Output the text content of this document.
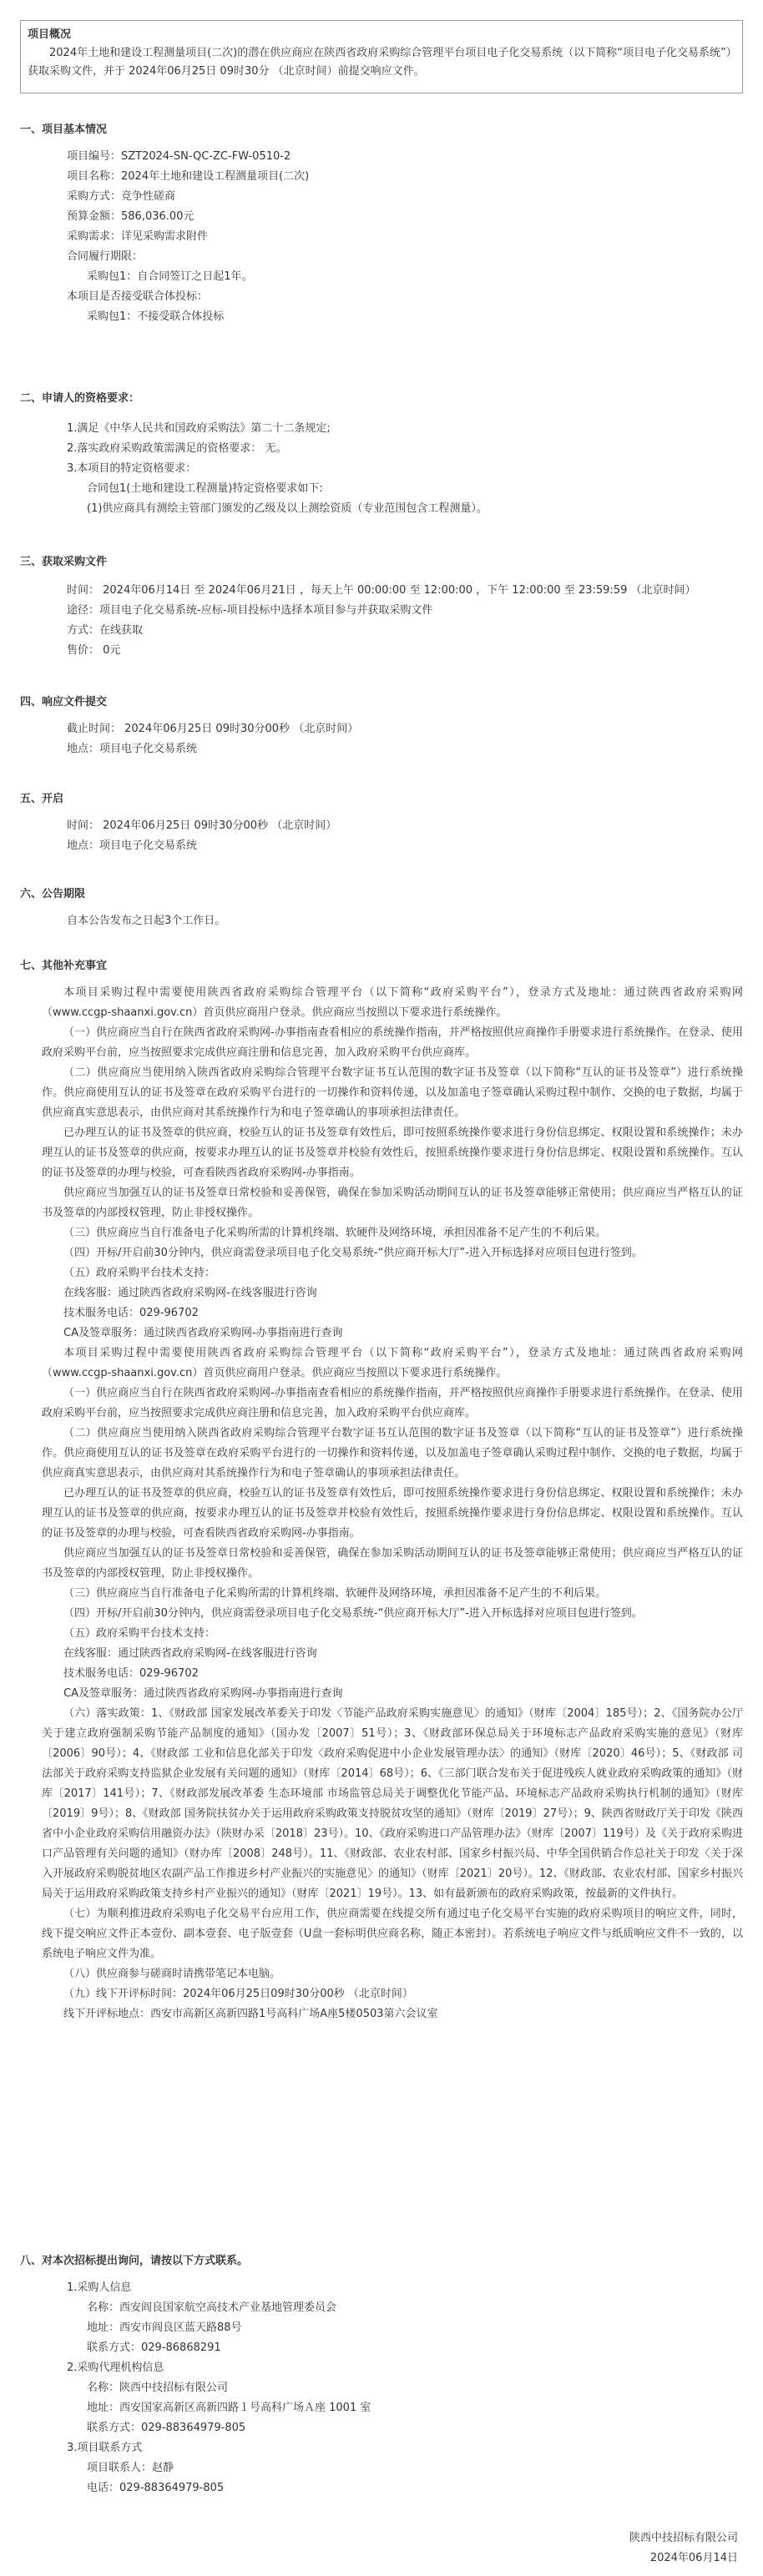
项目概况

2024年土地和建设工程测量项目(二次)的潜在供应商应在陕西省政府采购综合管理平台项目电子化交易系统（以下简称“项目电子化交易系统”）获取采购文件，并于 2024年06月25日 09时30分 （北京时间）前提交响应文件。

一、项目基本情况

项目编号：SZT2024-SN-QC-ZC-FW-0510-2

项目名称：2024年土地和建设工程测量项目(二次)

采购方式：竞争性磋商

预算金额：586,036.00元

采购需求：详见采购需求附件

合同履行期限：

采购包1：自合同签订之日起1年。

本项目是否接受联合体投标：

采购包1：不接受联合体投标

二、申请人的资格要求：

1.满足《中华人民共和国政府采购法》第二十二条规定;

2.落实政府采购政策需满足的资格要求： 无。

3.本项目的特定资格要求：

合同包1(土地和建设工程测量)特定资格要求如下:

(1)供应商具有测绘主管部门颁发的乙级及以上测绘资质（专业范围包含工程测量）。

三、获取采购文件

时间： 2024年06月14日 至 2024年06月21日 ，每天上午 00:00:00 至 12:00:00 ，下午 12:00:00 至 23:59:59 （北京时间）

途径：项目电子化交易系统-应标-项目投标中选择本项目参与并获取采购文件

方式：在线获取

售价： 0元

四、响应文件提交

截止时间： 2024年06月25日 09时30分00秒 （北京时间）

地点：项目电子化交易系统

五、开启

时间： 2024年06月25日 09时30分00秒 （北京时间）

地点：项目电子化交易系统

六、公告期限

自本公告发布之日起3个工作日。

七、其他补充事宜

本项目采购过程中需要使用陕西省政府采购综合管理平台（以下简称“政府采购平台”），登录方式及地址：通过陕西省政府采购网（www.ccgp-shaanxi.gov.cn）首页供应商用户登录。供应商应当按照以下要求进行系统操作。

（一）供应商应当自行在陕西省政府采购网-办事指南查看相应的系统操作指南，并严格按照供应商操作手册要求进行系统操作。在登录、使用政府采购平台前，应当按照要求完成供应商注册和信息完善，加入政府采购平台供应商库。

（二）供应商应当使用纳入陕西省政府采购综合管理平台数字证书互认范围的数字证书及签章（以下简称“互认的证书及签章”）进行系统操作。供应商使用互认的证书及签章在政府采购平台进行的一切操作和资料传递，以及加盖电子签章确认采购过程中制作、交换的电子数据，均属于供应商真实意思表示，由供应商对其系统操作行为和电子签章确认的事项承担法律责任。

已办理互认的证书及签章的供应商，校验互认的证书及签章有效性后，即可按照系统操作要求进行身份信息绑定、权限设置和系统操作；未办理互认的证书及签章的供应商，按要求办理互认的证书及签章并校验有效性后，按照系统操作要求进行身份信息绑定、权限设置和系统操作。互认的证书及签章的办理与校验，可查看陕西省政府采购网-办事指南。

供应商应当加强互认的证书及签章日常校验和妥善保管，确保在参加采购活动期间互认的证书及签章能够正常使用；供应商应当严格互认的证书及签章的内部授权管理，防止非授权操作。

（三）供应商应当自行准备电子化采购所需的计算机终端、软硬件及网络环境，承担因准备不足产生的不利后果。

（四）开标/开启前30分钟内，供应商需登录项目电子化交易系统-“供应商开标大厅”-进入开标选择对应项目包进行签到。

（五）政府采购平台技术支持：

在线客服：通过陕西省政府采购网-在线客服进行咨询

技术服务电话：029-96702

CA及签章服务：通过陕西省政府采购网-办事指南进行查询

本项目采购过程中需要使用陕西省政府采购综合管理平台（以下简称“政府采购平台”），登录方式及地址：通过陕西省政府采购网（www.ccgp-shaanxi.gov.cn）首页供应商用户登录。供应商应当按照以下要求进行系统操作。

（一）供应商应当自行在陕西省政府采购网-办事指南查看相应的系统操作指南，并严格按照供应商操作手册要求进行系统操作。在登录、使用政府采购平台前，应当按照要求完成供应商注册和信息完善，加入政府采购平台供应商库。

（二）供应商应当使用纳入陕西省政府采购综合管理平台数字证书互认范围的数字证书及签章（以下简称“互认的证书及签章”）进行系统操作。供应商使用互认的证书及签章在政府采购平台进行的一切操作和资料传递，以及加盖电子签章确认采购过程中制作、交换的电子数据，均属于供应商真实意思表示，由供应商对其系统操作行为和电子签章确认的事项承担法律责任。

已办理互认的证书及签章的供应商，校验互认的证书及签章有效性后，即可按照系统操作要求进行身份信息绑定、权限设置和系统操作；未办理互认的证书及签章的供应商，按要求办理互认的证书及签章并校验有效性后，按照系统操作要求进行身份信息绑定、权限设置和系统操作。互认的证书及签章的办理与校验，可查看陕西省政府采购网-办事指南。

供应商应当加强互认的证书及签章日常校验和妥善保管，确保在参加采购活动期间互认的证书及签章能够正常使用；供应商应当严格互认的证书及签章的内部授权管理，防止非授权操作。

（三）供应商应当自行准备电子化采购所需的计算机终端、软硬件及网络环境，承担因准备不足产生的不利后果。

（四）开标/开启前30分钟内，供应商需登录项目电子化交易系统-“供应商开标大厅”-进入开标选择对应项目包进行签到。

（五）政府采购平台技术支持：

在线客服：通过陕西省政府采购网-在线客服进行咨询

技术服务电话：029-96702

CA及签章服务：通过陕西省政府采购网-办事指南进行查询

（六）落实政策：1、《财政部 国家发展改革委关于印发〈节能产品政府采购实施意见〉的通知》（财库〔2004〕185号）；2、《国务院办公厅关于建立政府强制采购节能产品制度的通知》（国办发〔2007〕51号）；3、《财政部环保总局关于环境标志产品政府采购实施的意见》（财库〔2006〕90号）；4、《财政部 工业和信息化部关于印发〈政府采购促进中小企业发展管理办法〉的通知》（财库〔2020〕46号）；5、《财政部 司法部关于政府采购支持监狱企业发展有关问题的通知》（财库〔2014〕68号）；6、《三部门联合发布关于促进残疾人就业政府采购政策的通知》（财库〔2017〕141号）；7、《财政部发展改革委 生态环境部 市场监管总局关于调整优化节能产品、环境标志产品政府采购执行机制的通知》（财库〔2019〕9号）；8、《财政部 国务院扶贫办关于运用政府采购政策支持脱贫攻坚的通知》（财库〔2019〕27号）；9、陕西省财政厅关于印发《陕西省中小企业政府采购信用融资办法》（陕财办采〔2018〕23号）。10、《政府采购进口产品管理办法》（财库〔2007〕119号）及《关于政府采购进口产品管理有关问题的通知》（财办库〔2008〕248号）。11、《财政部、农业农村部、国家乡村振兴局、中华全国供销合作总社关于印发〈关于深入开展政府采购脱贫地区农副产品工作推进乡村产业振兴的实施意见〉的通知》（财库〔2021〕20号）。12、《财政部、农业农村部、国家乡村振兴局关于运用政府采购政策支持乡村产业振兴的通知》（财库〔2021〕19号）。13、如有最新颁布的政府采购政策，按最新的文件执行。

（七）为顺利推进政府采购电子化交易平台应用工作，供应商需要在线提交所有通过电子化交易平台实施的政府采购项目的响应文件，同时，线下提交响应文件正本壹份、副本壹套、电子版壹套（U盘一套标明供应商名称，随正本密封）。若系统电子响应文件与纸质响应文件不一致的，以系统电子响应文件为准。

（八）供应商参与磋商时请携带笔记本电脑。

（九）线下开评标时间：2024年06月25日09时30分00秒 （北京时间）

线下开评标地点：西安市高新区高新四路1号高科广场A座5楼0503第六会议室

八、对本次招标提出询问，请按以下方式联系。

1.采购人信息

名称：西安阎良国家航空高技术产业基地管理委员会

地址：西安市阎良区蓝天路88号

联系方式：029-86868291

2.采购代理机构信息

名称：陕西中技招标有限公司

地址：西安国家高新区高新四路１号高科广场Ａ座 1001 室

联系方式：029-88364979-805

3.项目联系方式

项目联系人：赵静

电话：029-88364979-805

陕西中技招标有限公司
2024年06月14日
